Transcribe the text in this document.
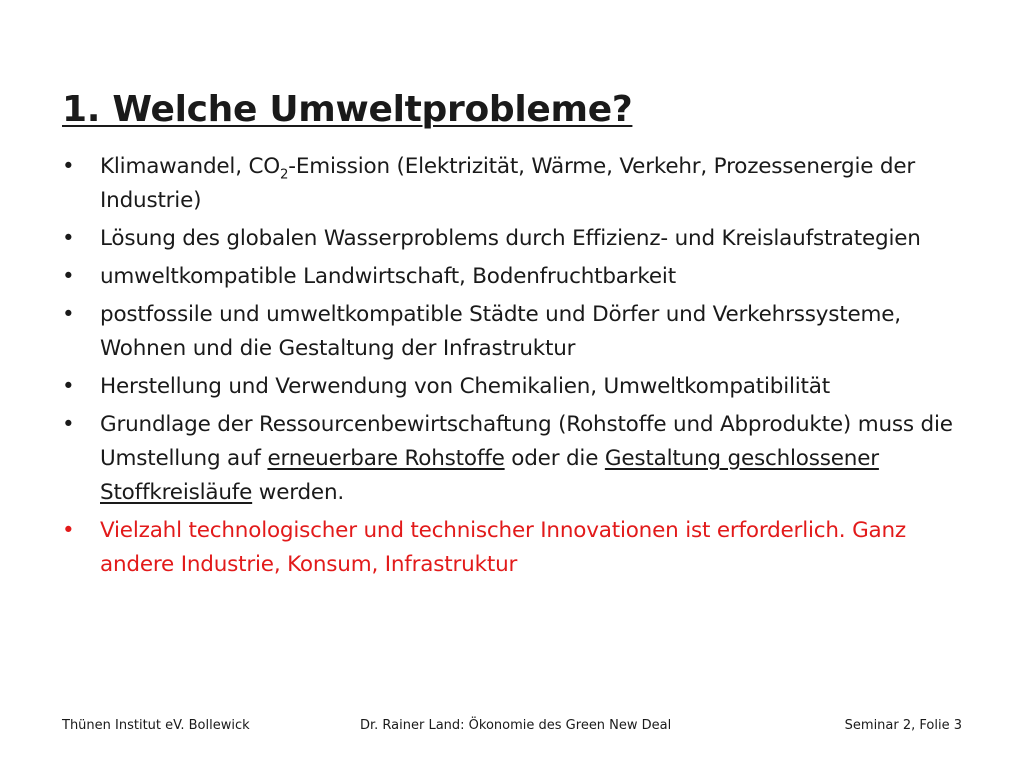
1. Welche Umweltprobleme?
• Klimawandel, $CO_2$-Emission (Elektrizität, Wärme, Verkehr, Prozessenergie der Industrie)
• Lösung des globalen Wasserproblems durch Effizienz- und Kreislaufstrategien
• umweltkompatible Landwirtschaft, Bodenfruchtbarkeit
• postfossile und umweltkompatible Städte und Dörfer und Verkehrssysteme, Wohnen und die Gestaltung der Infrastruktur
• Herstellung und Verwendung von Chemikalien, Umweltkompatibilität
• Grundlage der Ressourcenbewirtschaftung (Rohstoffe und Abprodukte) muss die Umstellung auf erneuerbare Rohstoffe oder die Gestaltung geschlossener Stoffkreisläufe werden.
• Vielzahl technologischer und technischer Innovationen ist erforderlich. Ganz andere Industrie, Konsum, Infrastruktur
Thünen Institut eV. Bollewick	Dr. Rainer Land: Ökonomie des Green New Deal	Seminar 2, Folie 3
